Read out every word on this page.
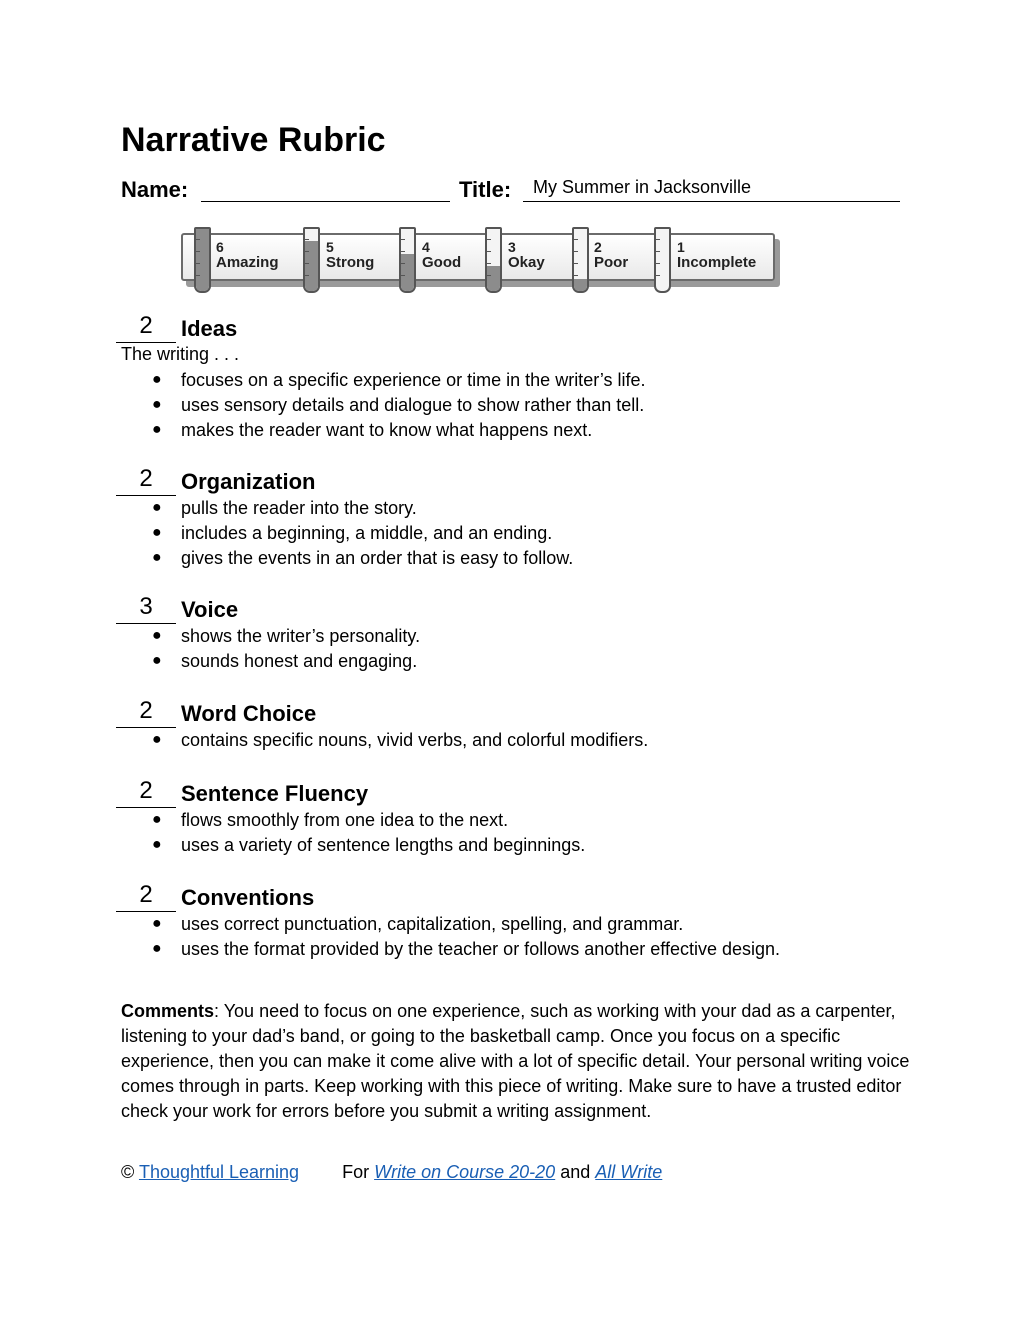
Narrative Rubric
Name:	Title: My Summer in Jacksonville
6
Amazing
5
Strong
4
Good
3
Okay
2
Poor
1
Incomplete
2	Ideas
The writing . . .
● focuses on a specific experience or time in the writer’s life.
● uses sensory details and dialogue to show rather than tell.
● makes the reader want to know what happens next.
2	Organization
● pulls the reader into the story.
● includes a beginning, a middle, and an ending.
● gives the events in an order that is easy to follow.
3	Voice
● shows the writer’s personality.
● sounds honest and engaging.
2	Word Choice
● contains specific nouns, vivid verbs, and colorful modifiers.
2	Sentence Fluency
● flows smoothly from one idea to the next.
● uses a variety of sentence lengths and beginnings.
2	Conventions
● uses correct punctuation, capitalization, spelling, and grammar.
● uses the format provided by the teacher or follows another effective design.
Comments: You need to focus on one experience, such as working with your dad as a carpenter, listening to your dad’s band, or going to the basketball camp. Once you focus on a specific experience, then you can make it come alive with a lot of specific detail. Your personal writing voice comes through in parts. Keep working with this piece of writing. Make sure to have a trusted editor check your work for errors before you submit a writing assignment.
© Thoughtful Learning For Write on Course 20-20 and All Write
